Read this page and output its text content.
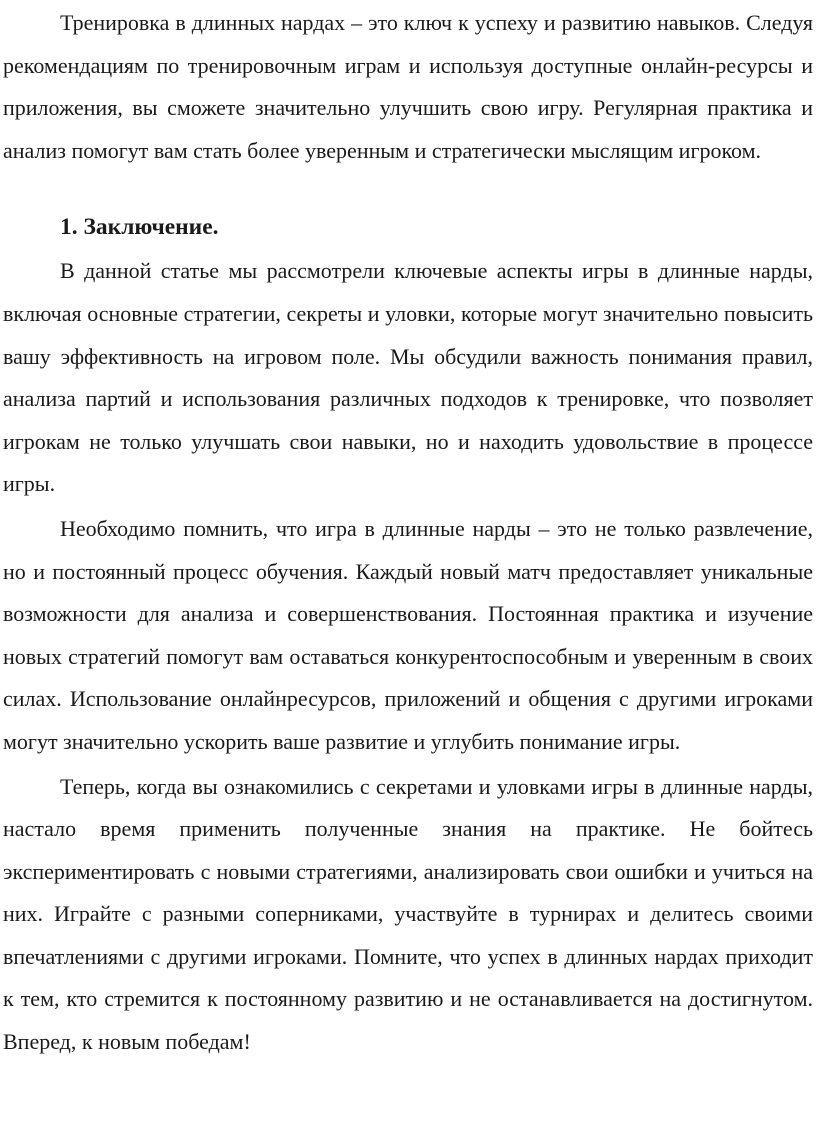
Тренировка в длинных нардах – это ключ к успеху и развитию навыков. Следуя рекомендациям по тренировочным играм и используя доступные онлайн-ресурсы и приложения, вы сможете значительно улучшить свою игру. Регулярная практика и анализ помогут вам стать более уверенным и стратегически мыслящим игроком.

1. Заключение.

В данной статье мы рассмотрели ключевые аспекты игры в длинные нарды, включая основные стратегии, секреты и уловки, которые могут значительно повысить вашу эффективность на игровом поле. Мы обсудили важность понимания правил, анализа партий и использования различных подходов к тренировке, что позволяет игрокам не только улучшать свои навыки, но и находить удовольствие в процессе игры.

Необходимо помнить, что игра в длинные нарды – это не только развлечение, но и постоянный процесс обучения. Каждый новый матч предоставляет уникальные возможности для анализа и совершенствования. Постоянная практика и изучение новых стратегий помогут вам оставаться конкурентоспособным и уверенным в своих силах. Использование онлайнресурсов, приложений и общения с другими игроками могут значительно ускорить ваше развитие и углубить понимание игры.

Теперь, когда вы ознакомились с секретами и уловками игры в длинные нарды, настало время применить полученные знания на практике. Не бойтесь экспериментировать с новыми стратегиями, анализировать свои ошибки и учиться на них. Играйте с разными соперниками, участвуйте в турнирах и делитесь своими впечатлениями с другими игроками. Помните, что успех в длинных нардах приходит к тем, кто стремится к постоянному развитию и не останавливается на достигнутом. Вперед, к новым победам!
